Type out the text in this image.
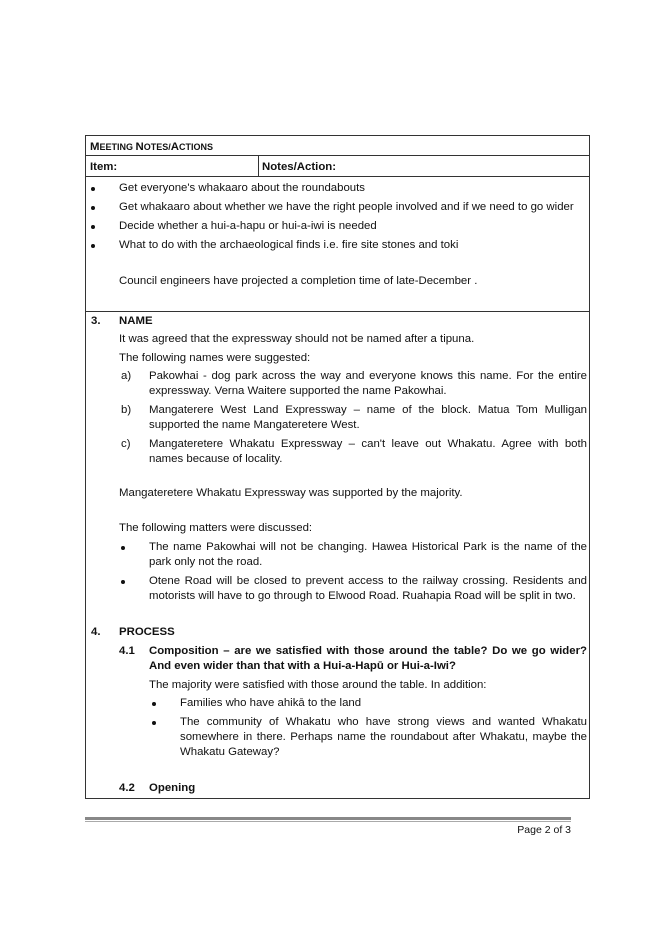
MEETING NOTES/ACTIONS
Item:	Notes/Action:
Get everyone's whakaaro about the roundabouts
Get whakaaro about whether we have the right people involved and if we need to go wider
Decide whether a hui-a-hapu or hui-a-iwi is needed
What to do with the archaeological finds i.e. fire site stones and toki
Council engineers have projected a completion time of late-December .
3. NAME
It was agreed that the expressway should not be named after a tipuna.
The following names were suggested:
a) Pakowhai - dog park across the way and everyone knows this name. For the entire expressway. Verna Waitere supported the name Pakowhai.
b) Mangaterere West Land Expressway – name of the block. Matua Tom Mulligan supported the name Mangateretere West.
c) Mangateretere Whakatu Expressway – can't leave out Whakatu. Agree with both names because of locality.
Mangateretere Whakatu Expressway was supported by the majority.
The following matters were discussed:
The name Pakowhai will not be changing. Hawea Historical Park is the name of the park only not the road.
Otene Road will be closed to prevent access to the railway crossing. Residents and motorists will have to go through to Elwood Road. Ruahapia Road will be split in two.
4. PROCESS
4.1 Composition – are we satisfied with those around the table? Do we go wider? And even wider than that with a Hui-a-Hapū or Hui-a-Iwi?
The majority were satisfied with those around the table. In addition:
Families who have ahikā to the land
The community of Whakatu who have strong views and wanted Whakatu somewhere in there. Perhaps name the roundabout after Whakatu, maybe the Whakatu Gateway?
4.2 Opening
Page 2 of 3
